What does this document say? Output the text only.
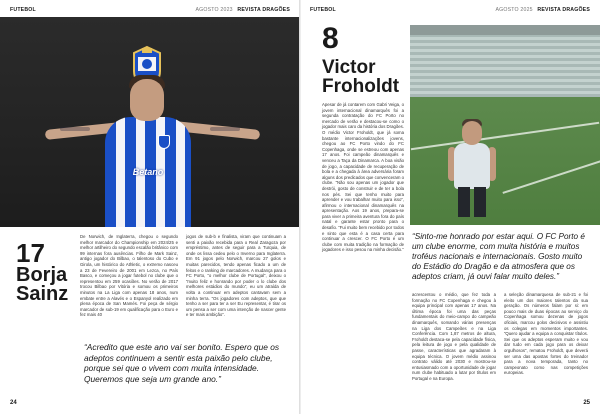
FUTEBOL	AGOSTO 2023 REVISTA DRAGÕES
Betano
17
Borja Sainz
De Norwich, de Inglaterra, chegou o segundo melhor marcador do Championship em 2024/25 e melhor artilheiro do segundo escalão britânico com 99 internas fora ausências. Filho de Mark Sainz, antigo jogador do Bilbao, o talentoso do Cubo e Girola, um histórico do Athletic, o extremo nasceu a 23 de Fevereiro de 2001 em Lezca, no País Basco, e começou a jogar futebol no clube que o representou em 259 ocasiões. No verão de 2017 trocou Bilbao por Vitória e somou os primeiros minutos na La Liga com apenas 18 anos, num embate entre a Alavés e o Espanyol realizado em plena época de San Mamés. Foi peça de sérgio marcador de sub-19 em qualificação para o Euro e fez mais 40
jogos de sub-b e finalista, viram que continuam a senti a paixão recebida para o Real Zaragoza por empréstimo, antes de seguir para a Turquia, de onde os lissa cedeu pelo o Inverno para Inglaterra. Em 91 jogos pelo Norwich, marcou 27 golos e muitas parecidos, tendo apenas ficado a um de feitos e o ranking de marcadores. A mudança para o FC Porto, “o melhor clube de Portugal”, deixou o “muito feliz e honrando por poder o lo clube dos melhores estádios do mundo”, eu um atraída de volta a continuar em adeptos cantavam sem a minha terra. “Os jogadores com adeptos, que que tenho a ser para ter a ser Eu representar, é tirar os um pensa a ser com uma intenção de nascer gente e ter mais ambição”.
“Acredito que este ano vai ser bonito. Espero que os adeptos continuem a sentir esta paixão pelo clube, porque sei que o vivem com muita intensidade. Queremos que seja um grande ano.”
24
FUTEBOL	AGOSTO 2025 REVISTA DRAGÕES
8
Victor Froholdt
Apesar de já contarem com Gabri Veiga, o jovem internacional dinamarquês foi a segunda contratação do FC Porto no mercado de verão e destacou-se como o jogador mais caro da história dos Dragões. O médio Victor Froholdt, que já soma bastante internacionalizações jovens, chegou ao FC Porto vindo do FC Copenhaga, onde se estreou com apenas 17 anos. Foi campeão dinamarquês e venceu a Taça da Dinamarca. A boa visão de jogo, a capacidade de recuperação de bola e a chegada à área adversária foram alguns dos predicados que convenceram o clube. “Não sou apenas um jogador que destrói, gosto de construir e de ter a bola nos pés. Sei que tenho muito para aprender e vou trabalhar muito para isso”, afirmou o internacional dinamarquês na apresentação. Aos 19 anos, prepara-se para viver a primeira aventura fora do país natal e garante estar pronto para o desafio. “Fui muito bem recebido por todos e sinto que esta é a casa certa para continuar a crescer. O FC Porto é um clube com muita tradição na formação de jogadores e isso pesou na minha decisão.”
“Sinto-me honrado por estar aqui. O FC Porto é um clube enorme, com muita história e muitos troféus nacionais e internacionais. Gosto muito do Estádio do Dragão e da atmosfera que os adeptos criam, já ouvi falar muito deles.”
acrescentou o médio, que fez toda a formação no FC Copenhaga e chegou à equipa principal com apenas 17 anos. Na última época foi uma das peças fundamentais do meio-campo do campeão dinamarquês, somando várias presenças na Liga dos Campeões e na Liga Conferência. Com 1,87 metros de altura, Froholdt destaca-se pela capacidade física, pela leitura de jogo e pela qualidade de passe, características que agradaram à equipa técnica. O jovem médio assinou contrato válido até 2030 e mostrou-se entusiasmado com a oportunidade de jogar num clube habituado a lutar por títulos em Portugal e na Europa.
a seleção dinamarquesa de sub-21 e foi eleito um dos maiores talentos da sua geração. Os números falam por si: em pouco mais de duas épocas ao serviço do Copenhaga somou dezenas de jogos oficiais, marcou golos decisivos e assistiu os colegas em momentos importantes. “Quero ajudar a equipa a conquistar títulos. Sei que os adeptos esperam muito e vou dar tudo em cada jogo para os deixar orgulhosos”, rematou Froholdt, que deverá ser uma das apostas fortes do treinador para a nova temporada, tanto no campeonato como nas competições europeias.
25
